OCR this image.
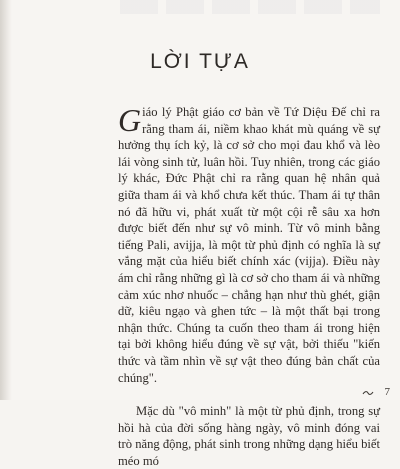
LỜI TỰA

Giáo lý Phật giáo cơ bản về Tứ Diệu Đế chỉ ra rằng tham ái, niềm khao khát mù quáng về sự hưởng thụ ích kỷ, là cơ sở cho mọi đau khổ và lèo lái vòng sinh tử, luân hồi. Tuy nhiên, trong các giáo lý khác, Đức Phật chỉ ra rằng quan hệ nhân quả giữa tham ái và khổ chưa kết thúc. Tham ái tự thân nó đã hữu vi, phát xuất từ một cội rễ sâu xa hơn được biết đến như sự vô minh. Từ vô minh bằng tiếng Pali, avijja, là một từ phủ định có nghĩa là sự vắng mặt của hiểu biết chính xác (vijja). Điều này ám chỉ rằng những gì là cơ sở cho tham ái và những cảm xúc nhơ nhuốc – chẳng hạn như thù ghét, giận dữ, kiêu ngạo và ghen tức – là một thất bại trong nhận thức. Chúng ta cuốn theo tham ái trong hiện tại bởi không hiểu đúng về sự vật, bởi thiếu "kiến thức và tầm nhìn về sự vật theo đúng bản chất của chúng".

Mặc dù "vô minh" là một từ phủ định, trong sự hồi hà của đời sống hàng ngày, vô minh đóng vai trò năng động, phát sinh trong những dạng hiểu biết méo mó

7
